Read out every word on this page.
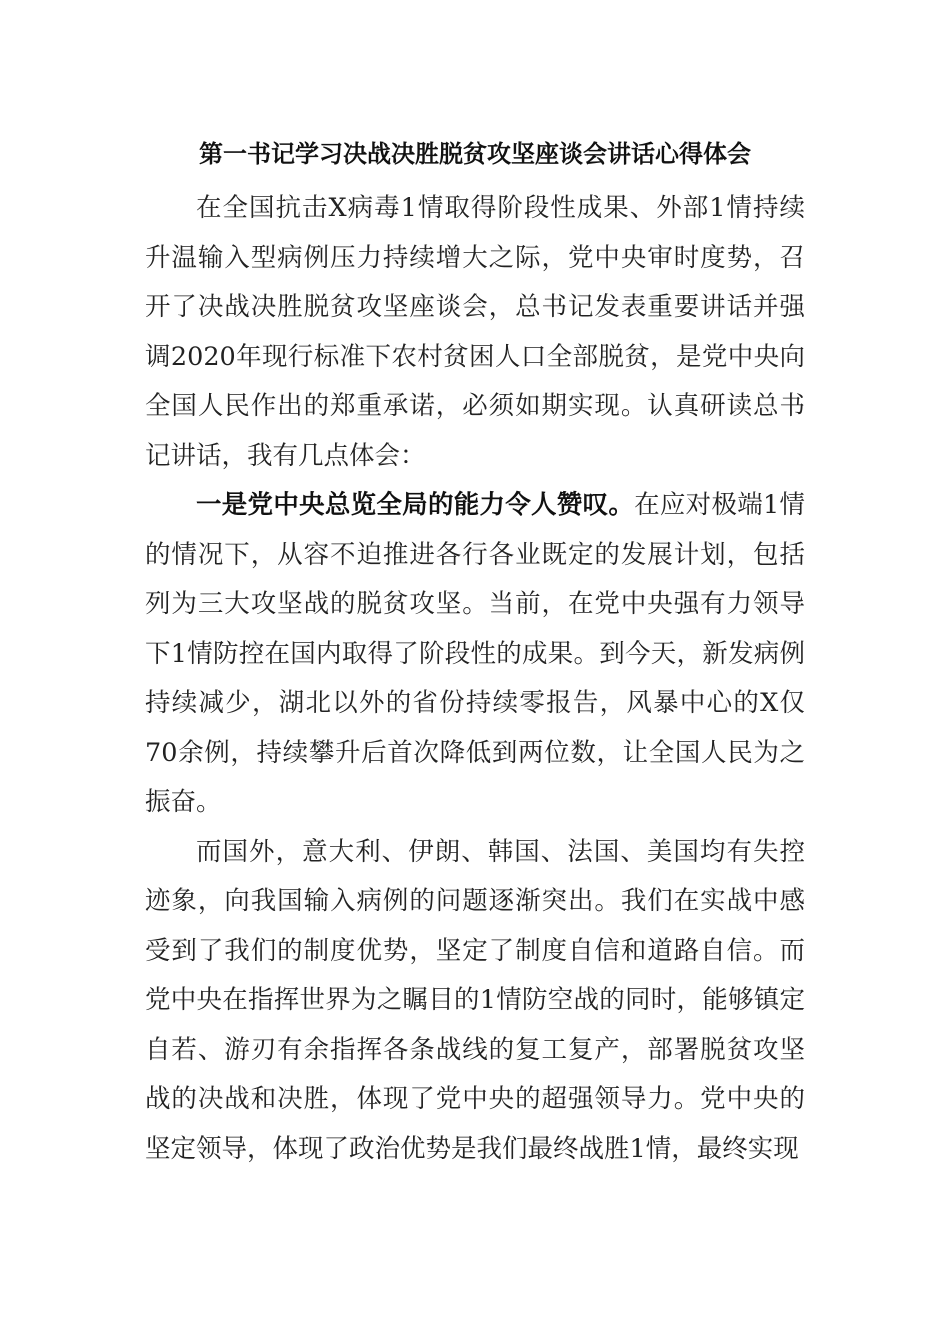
第一书记学习决战决胜脱贫攻坚座谈会讲话心得体会

在全国抗击X病毒1情取得阶段性成果、外部1情持续升温输入型病例压力持续增大之际，党中央审时度势，召开了决战决胜脱贫攻坚座谈会，总书记发表重要讲话并强调2020年现行标准下农村贫困人口全部脱贫，是党中央向全国人民作出的郑重承诺，必须如期实现。认真研读总书记讲话，我有几点体会：

一是党中央总览全局的能力令人赞叹。在应对极端1情的情况下，从容不迫推进各行各业既定的发展计划，包括列为三大攻坚战的脱贫攻坚。当前，在党中央强有力领导下1情防控在国内取得了阶段性的成果。到今天，新发病例持续减少，湖北以外的省份持续零报告，风暴中心的X仅70余例，持续攀升后首次降低到两位数，让全国人民为之振奋。

而国外，意大利、伊朗、韩国、法国、美国均有失控迹象，向我国输入病例的问题逐渐突出。我们在实战中感受到了我们的制度优势，坚定了制度自信和道路自信。而党中央在指挥世界为之瞩目的1情防空战的同时，能够镇定自若、游刃有余指挥各条战线的复工复产，部署脱贫攻坚战的决战和决胜，体现了党中央的超强领导力。党中央的坚定领导，体现了政治优势是我们最终战胜1情，最终实现
